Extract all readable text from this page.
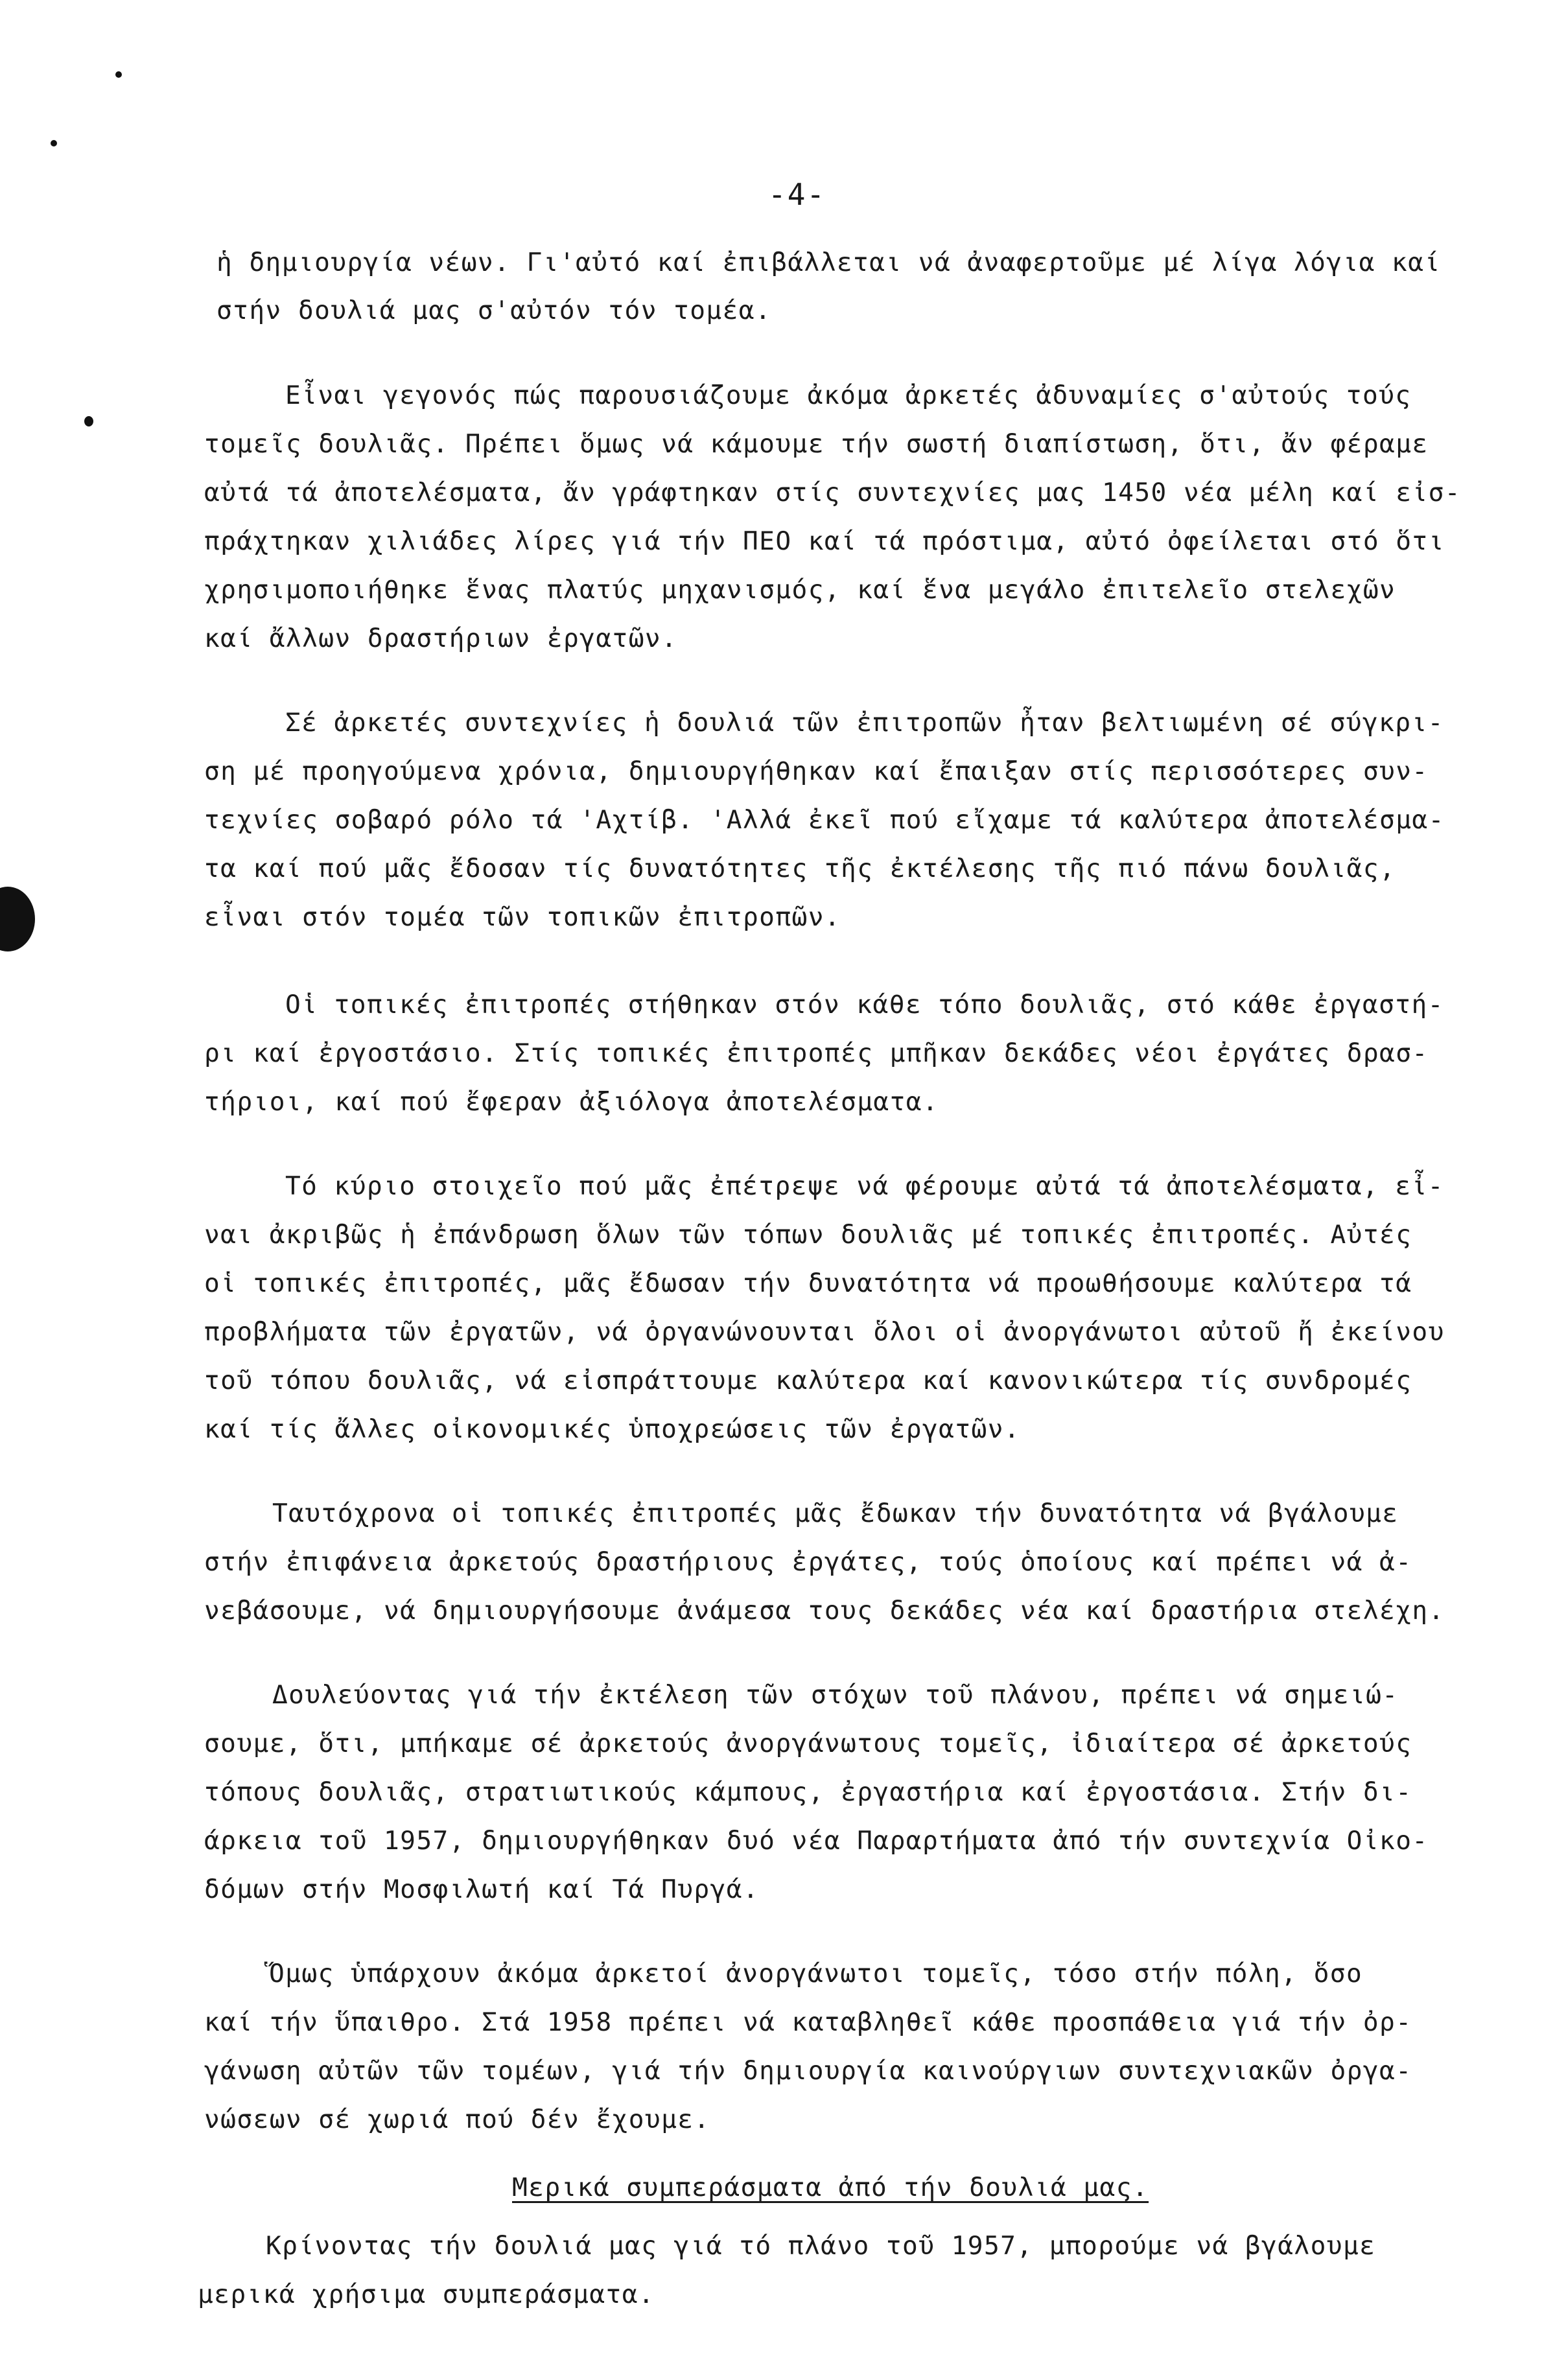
-4-
ἡ δημιουργία νέων. Γι'αὐτό καί ἐπιβάλλεται νά ἀναφερτοῦμε μέ λίγα λόγια καί
στήν δουλιά μας σ'αὐτόν τόν τομέα.
Εἶναι γεγονός πώς παρουσιάζουμε ἀκόμα ἀρκετές ἀδυναμίες σ'αὐτούς τούς
τομεῖς δουλιᾶς. Πρέπει ὅμως νά κάμουμε τήν σωστή διαπίστωση, ὅτι, ἄν φέραμε
αὐτά τά ἀποτελέσματα, ἄν γράφτηκαν στίς συντεχνίες μας 1450 νέα μέλη καί εἰσ-
πράχτηκαν χιλιάδες λίρες γιά τήν ΠΕΟ καί τά πρόστιμα, αὐτό ὀφείλεται στό ὅτι
χρησιμοποιήθηκε ἕνας πλατύς μηχανισμός, καί ἕνα μεγάλο ἐπιτελεῖο στελεχῶν
καί ἄλλων δραστήριων ἐργατῶν.
Σέ ἀρκετές συντεχνίες ἡ δουλιά τῶν ἐπιτροπῶν ἦταν βελτιωμένη σέ σύγκρι-
ση μέ προηγούμενα χρόνια, δημιουργήθηκαν καί ἔπαιξαν στίς περισσότερες συν-
τεχνίες σοβαρό ρόλο τά 'Αχτίβ. 'Αλλά ἐκεῖ πού εἴχαμε τά καλύτερα ἀποτελέσμα-
τα καί πού μᾶς ἔδοσαν τίς δυνατότητες τῆς ἐκτέλεσης τῆς πιό πάνω δουλιᾶς,
εἶναι στόν τομέα τῶν τοπικῶν ἐπιτροπῶν.
Οἱ τοπικές ἐπιτροπές στήθηκαν στόν κάθε τόπο δουλιᾶς, στό κάθε ἐργαστή-
ρι καί ἐργοστάσιο. Στίς τοπικές ἐπιτροπές μπῆκαν δεκάδες νέοι ἐργάτες δρασ-
τήριοι, καί πού ἔφεραν ἀξιόλογα ἀποτελέσματα.
Τό κύριο στοιχεῖο πού μᾶς ἐπέτρεψε νά φέρουμε αὐτά τά ἀποτελέσματα, εἶ-
ναι ἀκριβῶς ἡ ἐπάνδρωση ὅλων τῶν τόπων δουλιᾶς μέ τοπικές ἐπιτροπές. Αὐτές
οἱ τοπικές ἐπιτροπές, μᾶς ἔδωσαν τήν δυνατότητα νά προωθήσουμε καλύτερα τά
προβλήματα τῶν ἐργατῶν, νά ὀργανώνουνται ὅλοι οἱ ἀνοργάνωτοι αὐτοῦ ἤ ἐκείνου
τοῦ τόπου δουλιᾶς, νά εἰσπράττουμε καλύτερα καί κανονικώτερα τίς συνδρομές
καί τίς ἄλλες οἰκονομικές ὑποχρεώσεις τῶν ἐργατῶν.
Ταυτόχρονα οἱ τοπικές ἐπιτροπές μᾶς ἔδωκαν τήν δυνατότητα νά βγάλουμε
στήν ἐπιφάνεια ἀρκετούς δραστήριους ἐργάτες, τούς ὁποίους καί πρέπει νά ἀ-
νεβάσουμε, νά δημιουργήσουμε ἀνάμεσα τους δεκάδες νέα καί δραστήρια στελέχη.
Δουλεύοντας γιά τήν ἐκτέλεση τῶν στόχων τοῦ πλάνου, πρέπει νά σημειώ-
σουμε, ὅτι, μπήκαμε σέ ἀρκετούς ἀνοργάνωτους τομεῖς, ἰδιαίτερα σέ ἀρκετούς
τόπους δουλιᾶς, στρατιωτικούς κάμπους, ἐργαστήρια καί ἐργοστάσια. Στήν δι-
άρκεια τοῦ 1957, δημιουργήθηκαν δυό νέα Παραρτήματα ἀπό τήν συντεχνία Οἰκο-
δόμων στήν Μοσφιλωτή καί Τά Πυργά.
Ὅμως ὑπάρχουν ἀκόμα ἀρκετοί ἀνοργάνωτοι τομεῖς, τόσο στήν πόλη, ὅσο
καί τήν ὕπαιθρο. Στά 1958 πρέπει νά καταβληθεῖ κάθε προσπάθεια γιά τήν ὀρ-
γάνωση αὐτῶν τῶν τομέων, γιά τήν δημιουργία καινούργιων συντεχνιακῶν ὀργα-
νώσεων σέ χωριά πού δέν ἔχουμε.
Μερικά συμπεράσματα ἀπό τήν δουλιά μας.
Κρίνοντας τήν δουλιά μας γιά τό πλάνο τοῦ 1957, μπορούμε νά βγάλουμε
μερικά χρήσιμα συμπεράσματα.
